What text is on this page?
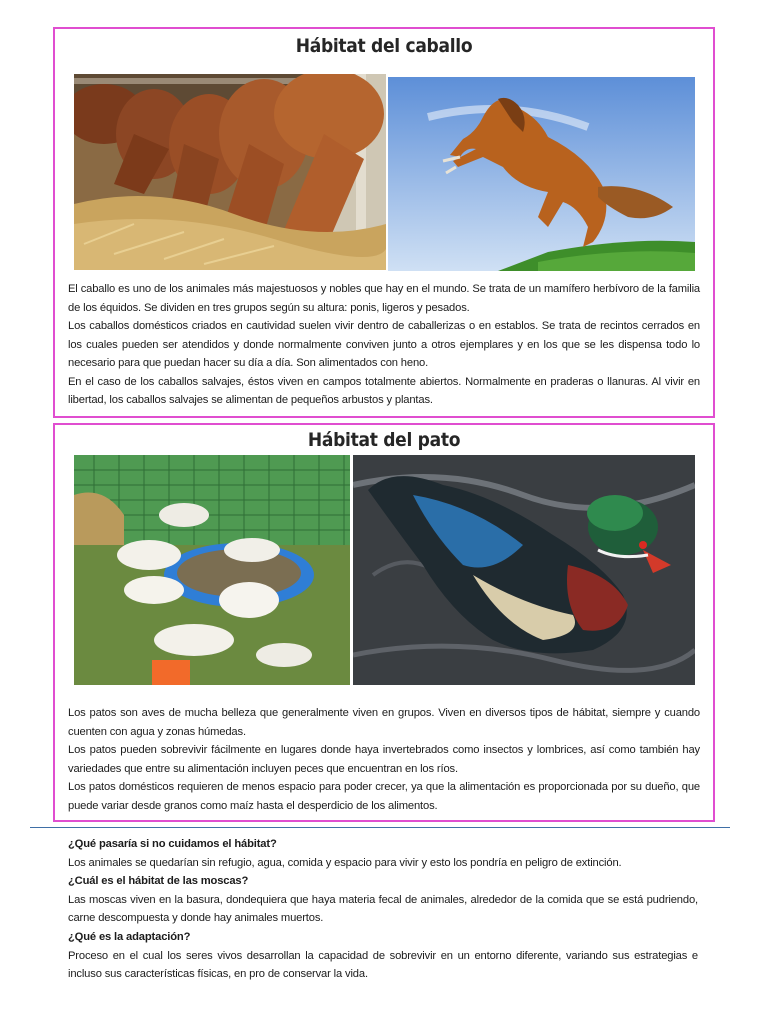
Hábitat del caballo

El caballo es uno de los animales más majestuosos y nobles que hay en el mundo. Se trata de un mamífero herbívoro de la familia de los équidos. Se dividen en tres grupos según su altura: ponis, ligeros y pesados.

Los caballos domésticos criados en cautividad suelen vivir dentro de caballerizas o en establos. Se trata de recintos cerrados en los cuales pueden ser atendidos y donde normalmente conviven junto a otros ejemplares y en los que se les dispensa todo lo necesario para que puedan hacer su día a día. Son alimentados con heno.

En el caso de los caballos salvajes, éstos viven en campos totalmente abiertos. Normalmente en praderas o llanuras. Al vivir en libertad, los caballos salvajes se alimentan de pequeños arbustos y plantas.

Hábitat del pato

Los patos son aves de mucha belleza que generalmente viven en grupos. Viven en diversos tipos de hábitat, siempre y cuando cuenten con agua y zonas húmedas.

Los patos pueden sobrevivir fácilmente en lugares donde haya invertebrados como insectos y lombrices, así como también hay variedades que entre su alimentación incluyen peces que encuentran en los ríos.

Los patos domésticos requieren de menos espacio para poder crecer, ya que la alimentación es proporcionada por su dueño, que puede variar desde granos como maíz hasta el desperdicio de los alimentos.

¿Qué pasaría si no cuidamos el hábitat?

Los animales se quedarían sin refugio, agua, comida y espacio para vivir y esto los pondría en peligro de extinción.

¿Cuál es el hábitat de las moscas?

Las moscas viven en la basura, dondequiera que haya materia fecal de animales, alrededor de la comida que se está pudriendo, carne descompuesta y donde hay animales muertos.

¿Qué es la adaptación?

Proceso en el cual los seres vivos desarrollan la capacidad de sobrevivir en un entorno diferente, variando sus estrategias e incluso sus características físicas, en pro de conservar la vida.
